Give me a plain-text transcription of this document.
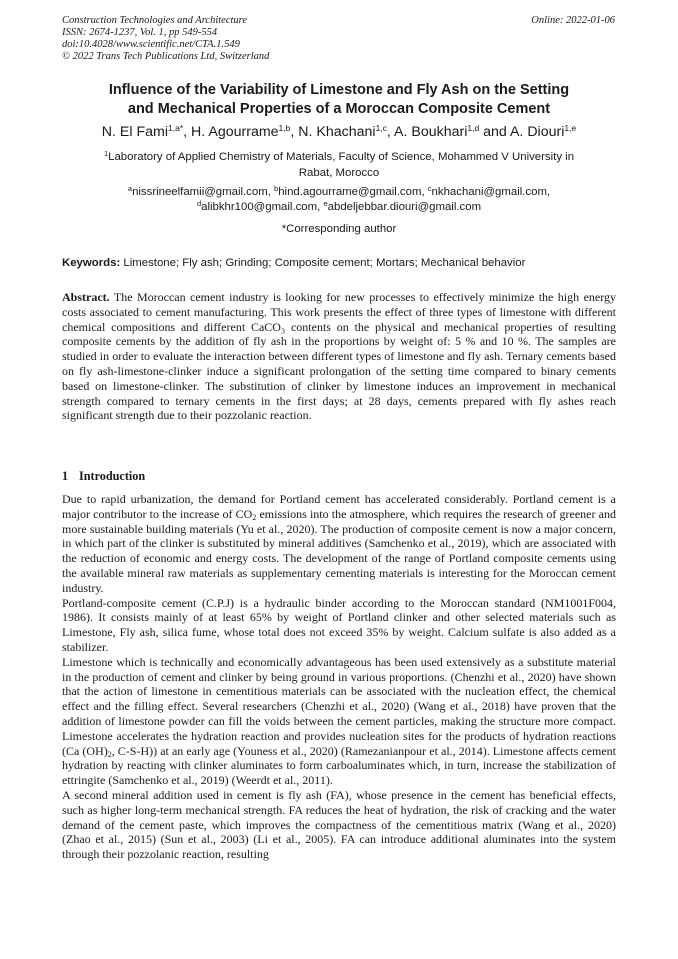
Construction Technologies and Architecture
ISSN: 2674-1237, Vol. 1, pp 549-554
doi:10.4028/www.scientific.net/CTA.1.549
© 2022 Trans Tech Publications Ltd, Switzerland
Online: 2022-01-06
Influence of the Variability of Limestone and Fly Ash on the Setting
and Mechanical Properties of a Moroccan Composite Cement
N. El Fami$^{1,a*}$, H. Agourrame$^{1,b}$, N. Khachani$^{1,c}$, A. Boukhari$^{1,d}$ and A. Diouri$^{1,e}$
$^1$Laboratory of Applied Chemistry of Materials, Faculty of Science, Mohammed V University in
Rabat, Morocco
$^a$nissrineelfamii@gmail.com, $^b$hind.agourrame@gmail.com, $^c$nkhachani@gmail.com,
$^d$alibkhr100@gmail.com, $^e$abdeljebbar.diouri@gmail.com
*Corresponding author
Keywords: Limestone; Fly ash; Grinding; Composite cement; Mortars; Mechanical behavior
Abstract. The Moroccan cement industry is looking for new processes to effectively minimize the high energy costs associated to cement manufacturing. This work presents the effect of three types of limestone with different chemical compositions and different CaCO₃ contents on the physical and mechanical properties of resulting composite cements by the addition of fly ash in the proportions by weight of: 5 % and 10 %. The samples are studied in order to evaluate the interaction between different types of limestone and fly ash. Ternary cements based on fly ash-limestone-clinker induce a significant prolongation of the setting time compared to binary cements based on limestone-clinker. The substitution of clinker by limestone induces an improvement in mechanical strength compared to ternary cements in the first days; at 28 days, cements prepared with fly ashes reach significant strength due to their pozzolanic reaction.
1 Introduction

Due to rapid urbanization, the demand for Portland cement has accelerated considerably. Portland cement is a major contributor to the increase of $CO_2$ emissions into the atmosphere, which requires the research of greener and more sustainable building materials (Yu et al., 2020). The production of composite cement is now a major concern, in which part of the clinker is substituted by mineral additives (Samchenko et al., 2019), which are associated with the reduction of economic and energy costs. The development of the range of Portland composite cements using the available mineral raw materials as supplementary cementing materials is interesting for the Moroccan cement industry.

Portland-composite cement (C.P.J) is a hydraulic binder according to the Moroccan standard (NM1001F004, 1986). It consists mainly of at least 65% by weight of Portland clinker and other selected materials such as Limestone, Fly ash, silica fume, whose total does not exceed 35% by weight. Calcium sulfate is also added as a stabilizer.

Limestone which is technically and economically advantageous has been used extensively as a substitute material in the production of cement and clinker by being ground in various proportions. (Chenzhi et al., 2020) have shown that the action of limestone in cementitious materials can be associated with the nucleation effect, the chemical effect and the filling effect. Several researchers (Chenzhi et al., 2020) (Wang et al., 2018) have proven that the addition of limestone powder can fill the voids between the cement particles, making the structure more compact. Limestone accelerates the hydration reaction and provides nucleation sites for the products of hydration reactions (Ca $(OH)_2$, C-S-H)) at an early age (Youness et al., 2020) (Ramezanianpour et al., 2014). Limestone affects cement hydration by reacting with clinker aluminates to form carboaluminates which, in turn, increase the stabilization of ettringite (Samchenko et al., 2019) (Weerdt et al., 2011).

A second mineral addition used in cement is fly ash (FA), whose presence in the cement has beneficial effects, such as higher long-term mechanical strength. FA reduces the heat of hydration, the risk of cracking and the water demand of the cement paste, which improves the compactness of the cementitious matrix (Wang et al., 2020) (Zhao et al., 2015) (Sun et al., 2003) (Li et al., 2005). FA can introduce additional aluminates into the system through their pozzolanic reaction, resulting
